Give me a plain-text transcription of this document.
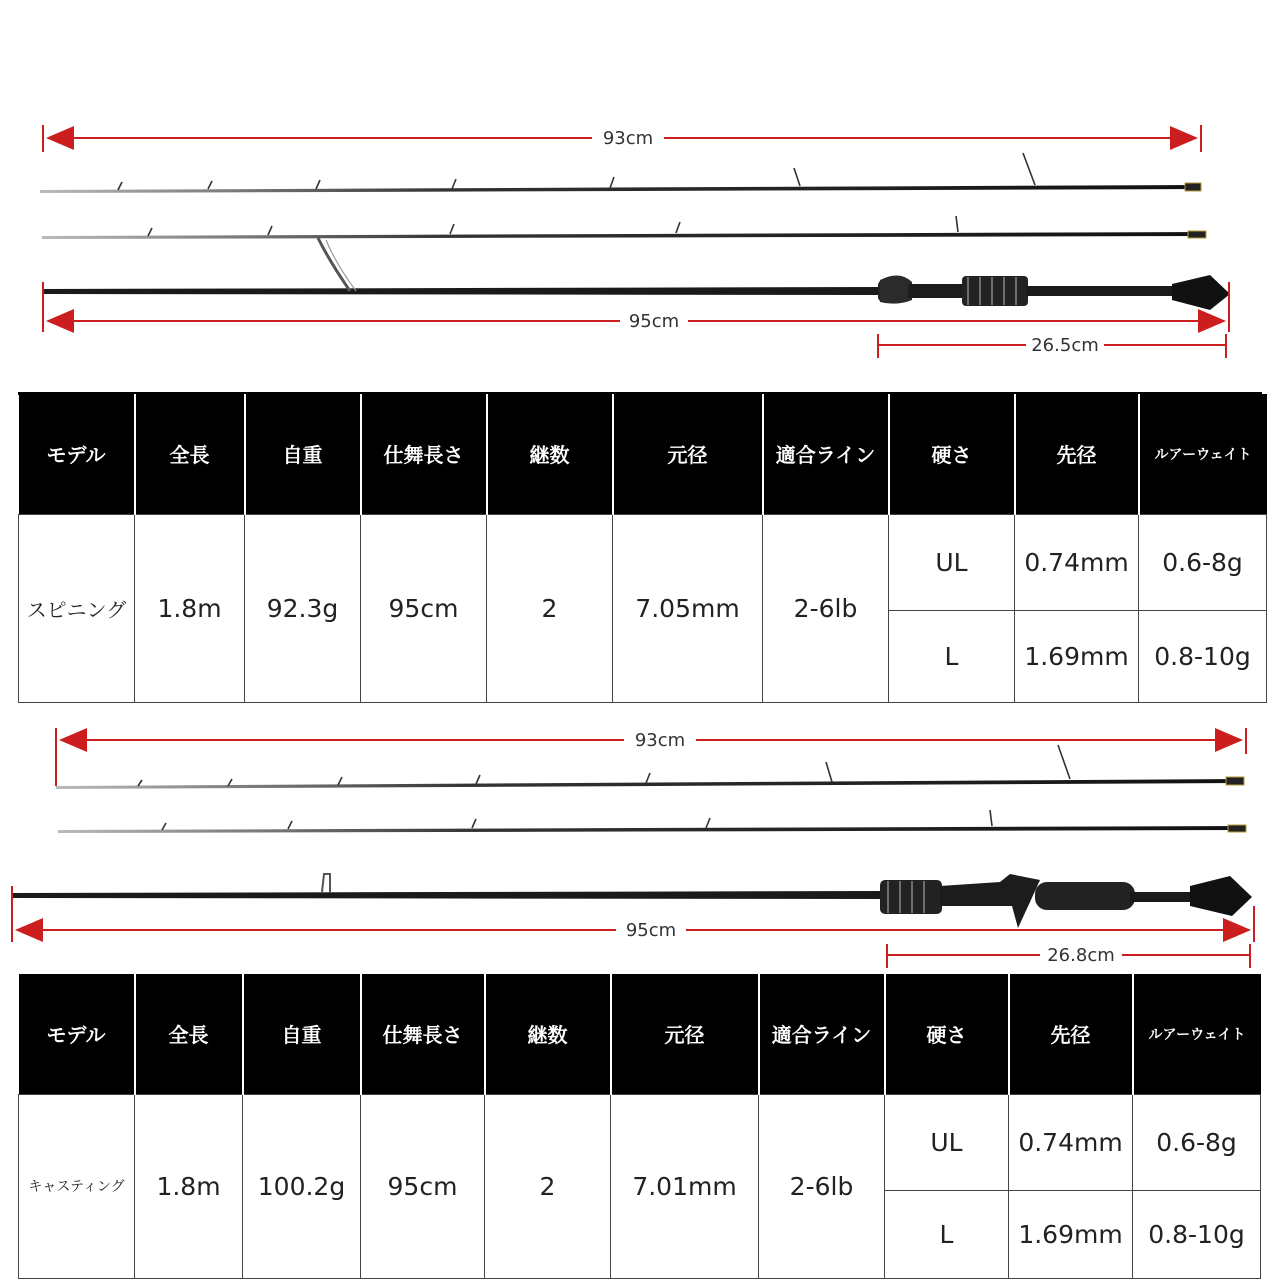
93cm
95cm
26.5cm
モデル	全長	自重	仕舞長さ	継数	元径	適合ライン	硬さ	先径	ルアーウェイト
スピニング	1.8m	92.3g	95cm	2	7.05mm	2-6lb	UL	0.74mm	0.6-8g
							L	1.69mm	0.8-10g
93cm
95cm
26.8cm
モデル	全長	自重	仕舞長さ	継数	元径	適合ライン	硬さ	先径	ルアーウェイト
キャスティング	1.8m	100.2g	95cm	2	7.01mm	2-6lb	UL	0.74mm	0.6-8g
							L	1.69mm	0.8-10g
